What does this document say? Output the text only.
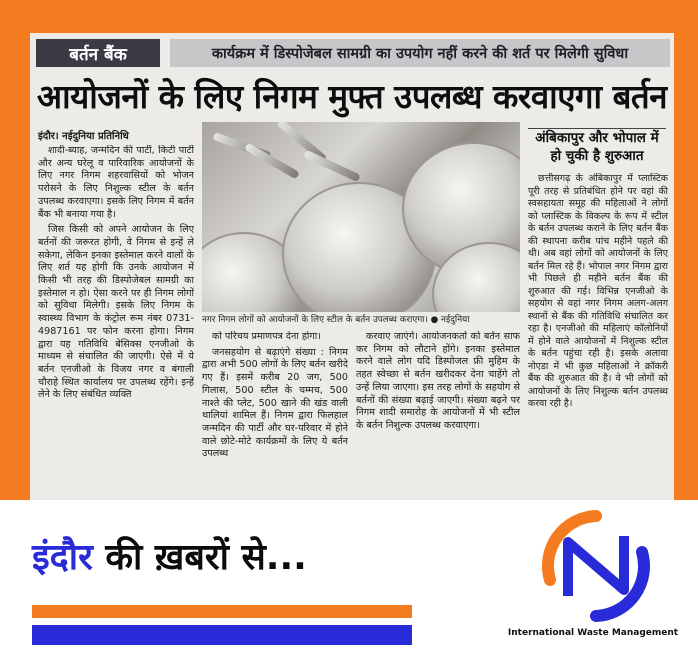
बर्तन बैंक	कार्यक्रम में डिस्पोजेबल सामग्री का उपयोग नहीं करने की शर्त पर मिलेगी सुविधा
आयोजनों के लिए निगम मुफ्त उपलब्ध करवाएगा बर्तन
इंदौर। नईदुनिया प्रतिनिधि

शादी-ब्याह, जन्मदिन की पार्टी, किटी पार्टी और अन्य घरेलू व पारिवारिक आयोजनों के लिए नगर निगम शहरवासियों को भोजन परोसने के लिए निशुल्क स्टील के बर्तन उपलब्ध करवाएगा। इसके लिए निगम में बर्तन बैंक भी बनाया गया है।

जिस किसी को अपने आयोजन के लिए बर्तनों की जरूरत होगी, वे निगम से इन्हें ले सकेगा, लेकिन इनका इस्तेमाल करने वालों के लिए शर्त यह होगी कि उनके आयोजन में किसी भी तरह की डिस्पोजेबल सामग्री का इस्तेमाल न हो। ऐसा करने पर ही निगम लोगों को सुविधा मिलेगी। इसके लिए निगम के स्वास्थ्य विभाग के कंट्रोल रूम नंबर 0731-4987161 पर फोन करना होगा। निगम द्वारा यह गतिविधि बेसिक्स एनजीओ के माध्यम से संचालित की जाएगी। ऐसे में ये बर्तन एनजीओ के विजय नगर व बंगाली चौराहे स्थित कार्यालय पर उपलब्ध रहेंगे। इन्हें लेने के लिए संबंधित व्यक्ति

नगर निगम लोगों को आयोजनों के लिए स्टील के बर्तन उपलब्ध कराएगा। ● नईदुनिया

को परिचय प्रमाणपत्र देना होगा।

जनसहयोग से बढ़ाएंगे संख्या : निगम द्वारा अभी 500 लोगों के लिए बर्तन खरीदे गए हैं। इसमें करीब 20 जग, 500 गिलास, 500 स्टील के चम्मच, 500 नाश्ते की प्लेट, 500 खाने की खंड वाली थालियां शामिल हैं। निगम द्वारा फिलहाल जन्मदिन की पार्टी और घर-परिवार में होने वाले छोटे-मोटे कार्यक्रमों के लिए ये बर्तन उपलब्ध

करवाए जाएंगे। आयोजनकर्ता को बर्तन साफ कर निगम को लौटाने होंगे। इनका इस्तेमाल करने वाले लोग यदि डिस्पोजल फ्री मुहिम के तहत स्वेच्छा से बर्तन खरीदकर देना चाहेंगे तो उन्हें लिया जाएगा। इस तरह लोगों के सहयोग से बर्तनों की संख्या बढ़ाई जाएगी। संख्या बढ़ने पर निगम शादी समारोह के आयोजनों में भी स्टील के बर्तन निशुल्क उपलब्ध करवाएगा।

अंबिकापुर और भोपाल में हो चुकी है शुरुआत

छत्तीसगढ़ के अंबिकापुर में प्लास्टिक पूरी तरह से प्रतिबंधित होने पर वहां की स्वसहायता समूह की महिलाओं ने लोगों को प्लास्टिक के विकल्प के रूप में स्टील के बर्तन उपलब्ध कराने के लिए बर्तन बैंक की स्थापना करीब पांच महीने पहले की थी। अब वहां लोगों को आयोजनों के लिए बर्तन मिल रहे हैं। भोपाल नगर निगम द्वारा भी पिछले ही महीने बर्तन बैंक की शुरुआत की गई। विभिन्न एनजीओ के सहयोग से वहां नगर निगम अलग-अलग स्थानों से बैंक की गतिविधि संचालित कर रहा है। एनजीओ की महिलाएं कॉलोनियों में होने वाले आयोजनों में निशुल्क स्टील के बर्तन पहुंचा रही है। इसके अलावा नोएडा में भी कुछ महिलाओं ने क्रॉकरी बैंक की शुरुआत की है। वे भी लोगों को आयोजनों के लिए निशुल्क बर्तन उपलब्ध करवा रही है।

इंदौर की ख़बरों से...
International Waste Management
